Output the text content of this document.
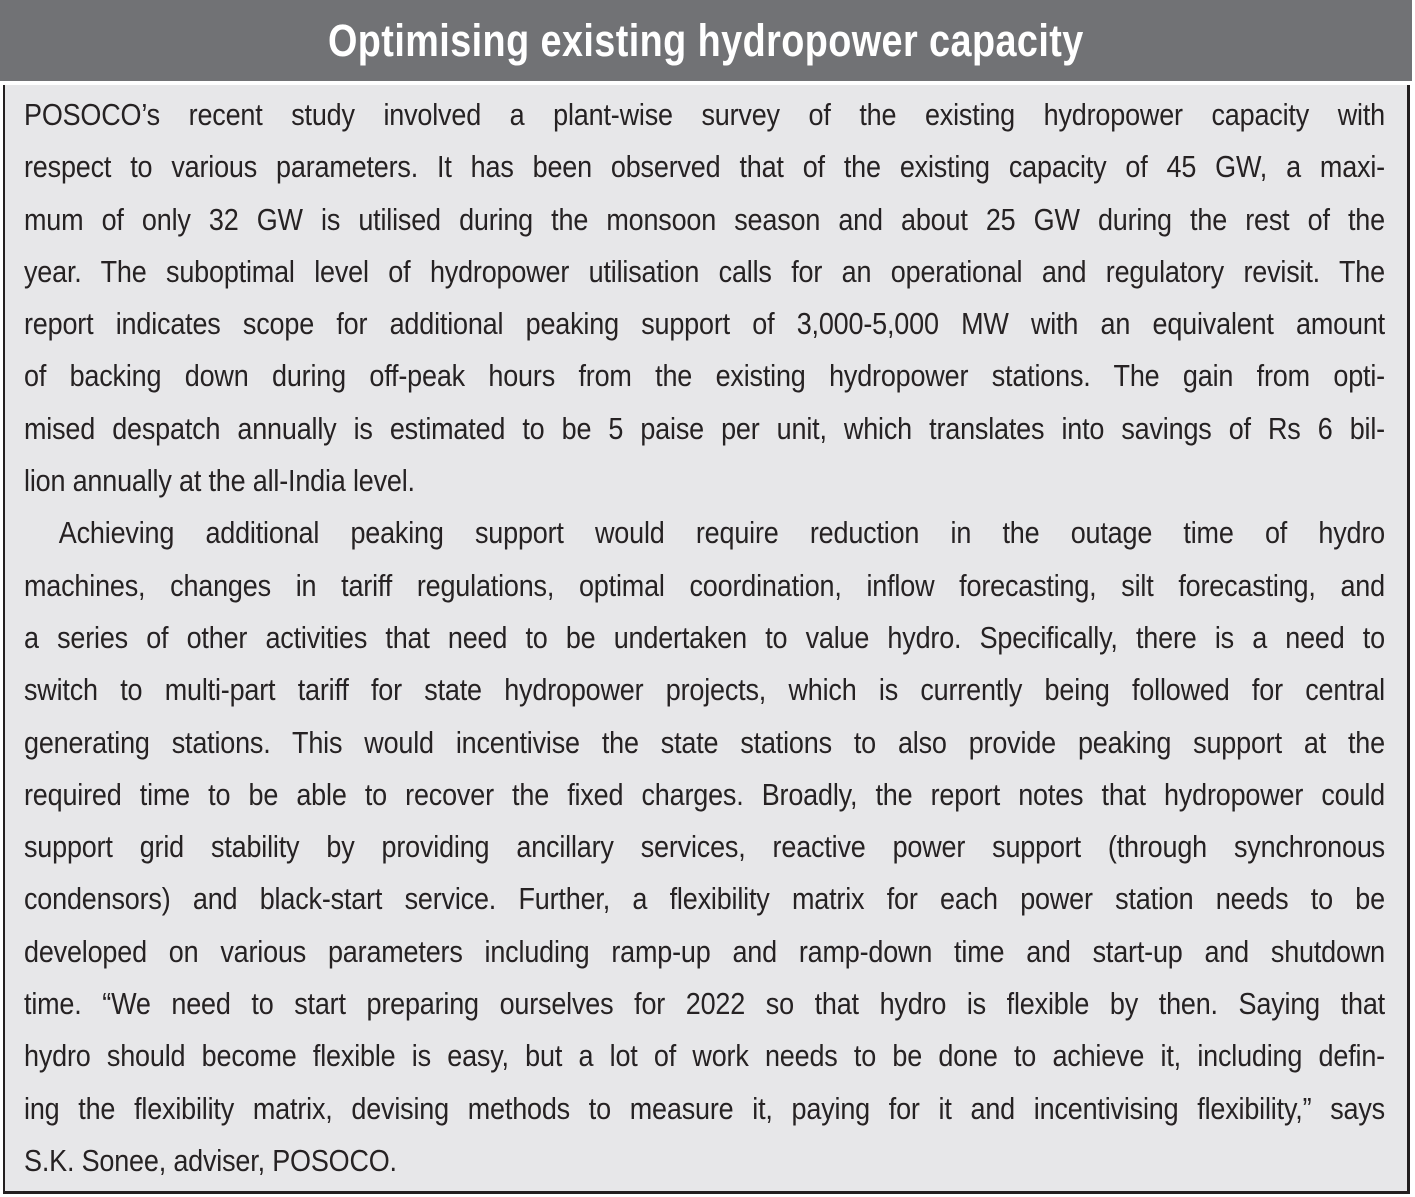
Optimising existing hydropower capacity
POSOCO’s recent study involved a plant-wise survey of the existing hydropower capacity with
respect to various parameters. It has been observed that of the existing capacity of 45 GW, a maxi-
mum of only 32 GW is utilised during the monsoon season and about 25 GW during the rest of the
year. The suboptimal level of hydropower utilisation calls for an operational and regulatory revisit. The
report indicates scope for additional peaking support of 3,000-5,000 MW with an equivalent amount
of backing down during off-peak hours from the existing hydropower stations. The gain from opti-
mised despatch annually is estimated to be 5 paise per unit, which translates into savings of Rs 6 bil-
lion annually at the all-India level.
Achieving additional peaking support would require reduction in the outage time of hydro
machines, changes in tariff regulations, optimal coordination, inflow forecasting, silt forecasting, and
a series of other activities that need to be undertaken to value hydro. Specifically, there is a need to
switch to multi-part tariff for state hydropower projects, which is currently being followed for central
generating stations. This would incentivise the state stations to also provide peaking support at the
required time to be able to recover the fixed charges. Broadly, the report notes that hydropower could
support grid stability by providing ancillary services, reactive power support (through synchronous
condensors) and black-start service. Further, a flexibility matrix for each power station needs to be
developed on various parameters including ramp-up and ramp-down time and start-up and shutdown
time. “We need to start preparing ourselves for 2022 so that hydro is flexible by then. Saying that
hydro should become flexible is easy, but a lot of work needs to be done to achieve it, including defin-
ing the flexibility matrix, devising methods to measure it, paying for it and incentivising flexibility,” says
S.K. Sonee, adviser, POSOCO.
